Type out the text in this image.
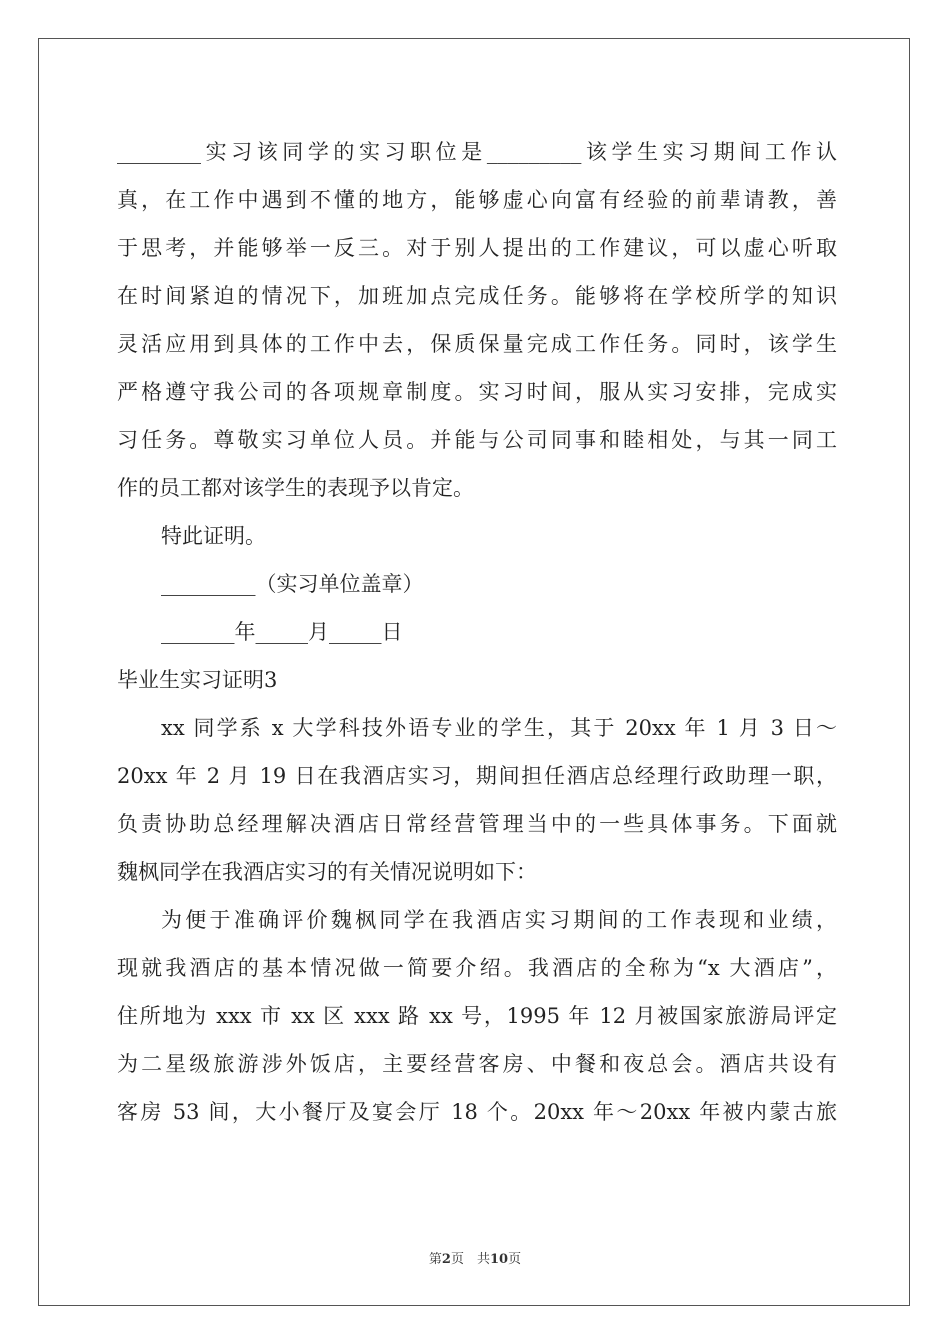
________实习该同学的实习职位是_________该学生实习期间工作认
真，在工作中遇到不懂的地方，能够虚心向富有经验的前辈请教，善
于思考，并能够举一反三。对于别人提出的工作建议，可以虚心听取
在时间紧迫的情况下，加班加点完成任务。能够将在学校所学的知识
灵活应用到具体的工作中去，保质保量完成工作任务。同时，该学生
严格遵守我公司的各项规章制度。实习时间，服从实习安排，完成实
习任务。尊敬实习单位人员。并能与公司同事和睦相处，与其一同工
作的员工都对该学生的表现予以肯定。
特此证明。
_________（实习单位盖章）
_______年_____月_____日
毕业生实习证明3
xx 同学系 x 大学科技外语专业的学生，其于 20xx 年 1 月 3 日～
20xx 年 2 月 19 日在我酒店实习，期间担任酒店总经理行政助理一职，
负责协助总经理解决酒店日常经营管理当中的一些具体事务。下面就
魏枫同学在我酒店实习的有关情况说明如下：
为便于准确评价魏枫同学在我酒店实习期间的工作表现和业绩，
现就我酒店的基本情况做一简要介绍。我酒店的全称为“x 大酒店”，
住所地为 xxx 市 xx 区 xxx 路 xx 号，1995 年 12 月被国家旅游局评定
为二星级旅游涉外饭店，主要经营客房、中餐和夜总会。酒店共设有
客房 53 间，大小餐厅及宴会厅 18 个。20xx 年～20xx 年被内蒙古旅
第2页　共10页
